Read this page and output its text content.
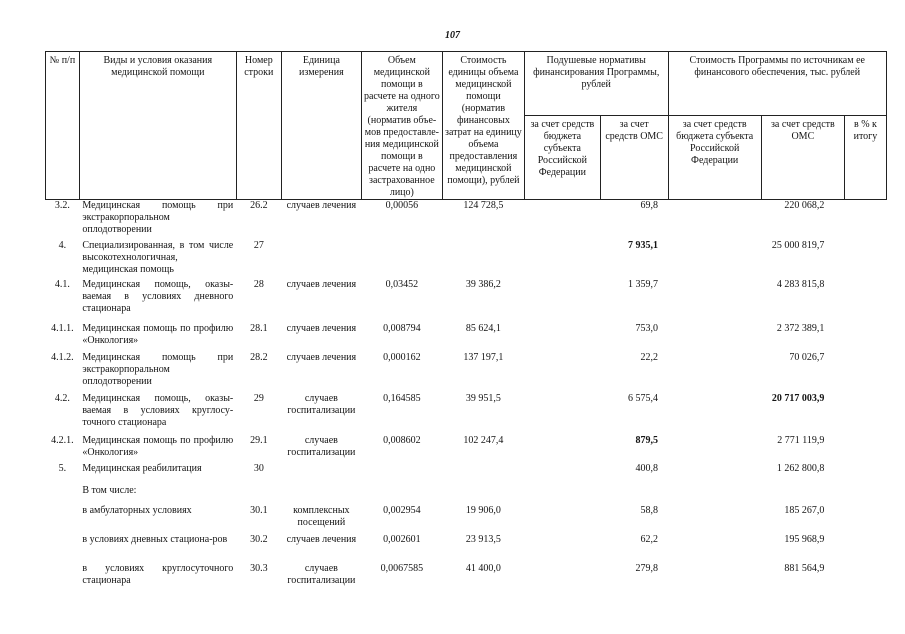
107
№ п/п	Виды и условия оказания медицинской помощи	Номер строки	Единица измерения	Объем медицинской помощи в расчете на одного жителя (норматив объе-мов предоставле-ния медицинской помощи в расчете на одно застрахованное лицо)	Стоимость единицы объема медицинской помощи (норматив финансовых затрат на единицу объема предоставления медицинской помощи), рублей	Подушевые нормативы финансирования Программы, рублей		Стоимость Программы по источникам ее финансового обеспечения, тыс. рублей		
						за счет средств бюджета субъекта Российской Федерации	за счет средств ОМС	за счет средств бюджета субъекта Российской Федерации	за счет средств ОМС	в % к итогу
3.2.	Медицинская помощь при экстракорпоральном оплодотворении	26.2	случаев лечения	0,00056	124 728,5		69,8		220 068,2	
4.	Специализированная, в том числе высокотехнологичная, медицинская помощь	27					7 935,1		25 000 819,7	
4.1.	Медицинская помощь, оказы-ваемая в условиях дневного стационара	28	случаев лечения	0,03452	39 386,2		1 359,7		4 283 815,8	
4.1.1.	Медицинская помощь по профилю «Онкология»	28.1	случаев лечения	0,008794	85 624,1		753,0		2 372 389,1	
4.1.2.	Медицинская помощь при экстракорпоральном оплодотворении	28.2	случаев лечения	0,000162	137 197,1		22,2		70 026,7	
4.2.	Медицинская помощь, оказы-ваемая в условиях круглосу-точного стационара	29	случаев госпитализации	0,164585	39 951,5		6 575,4		20 717 003,9	
4.2.1.	Медицинская помощь по профилю «Онкология»	29.1	случаев госпитализации	0,008602	102 247,4		879,5		2 771 119,9	
5.	Медицинская реабилитация	30					400,8		1 262 800,8	
	В том числе:									
	в амбулаторных условиях	30.1	комплексных посещений	0,002954	19 906,0		58,8		185 267,0	
	в условиях дневных стациона-ров	30.2	случаев лечения	0,002601	23 913,5		62,2		195 968,9	
	в условиях круглосуточного стационара	30.3	случаев госпитализации	0,0067585	41 400,0		279,8		881 564,9	
